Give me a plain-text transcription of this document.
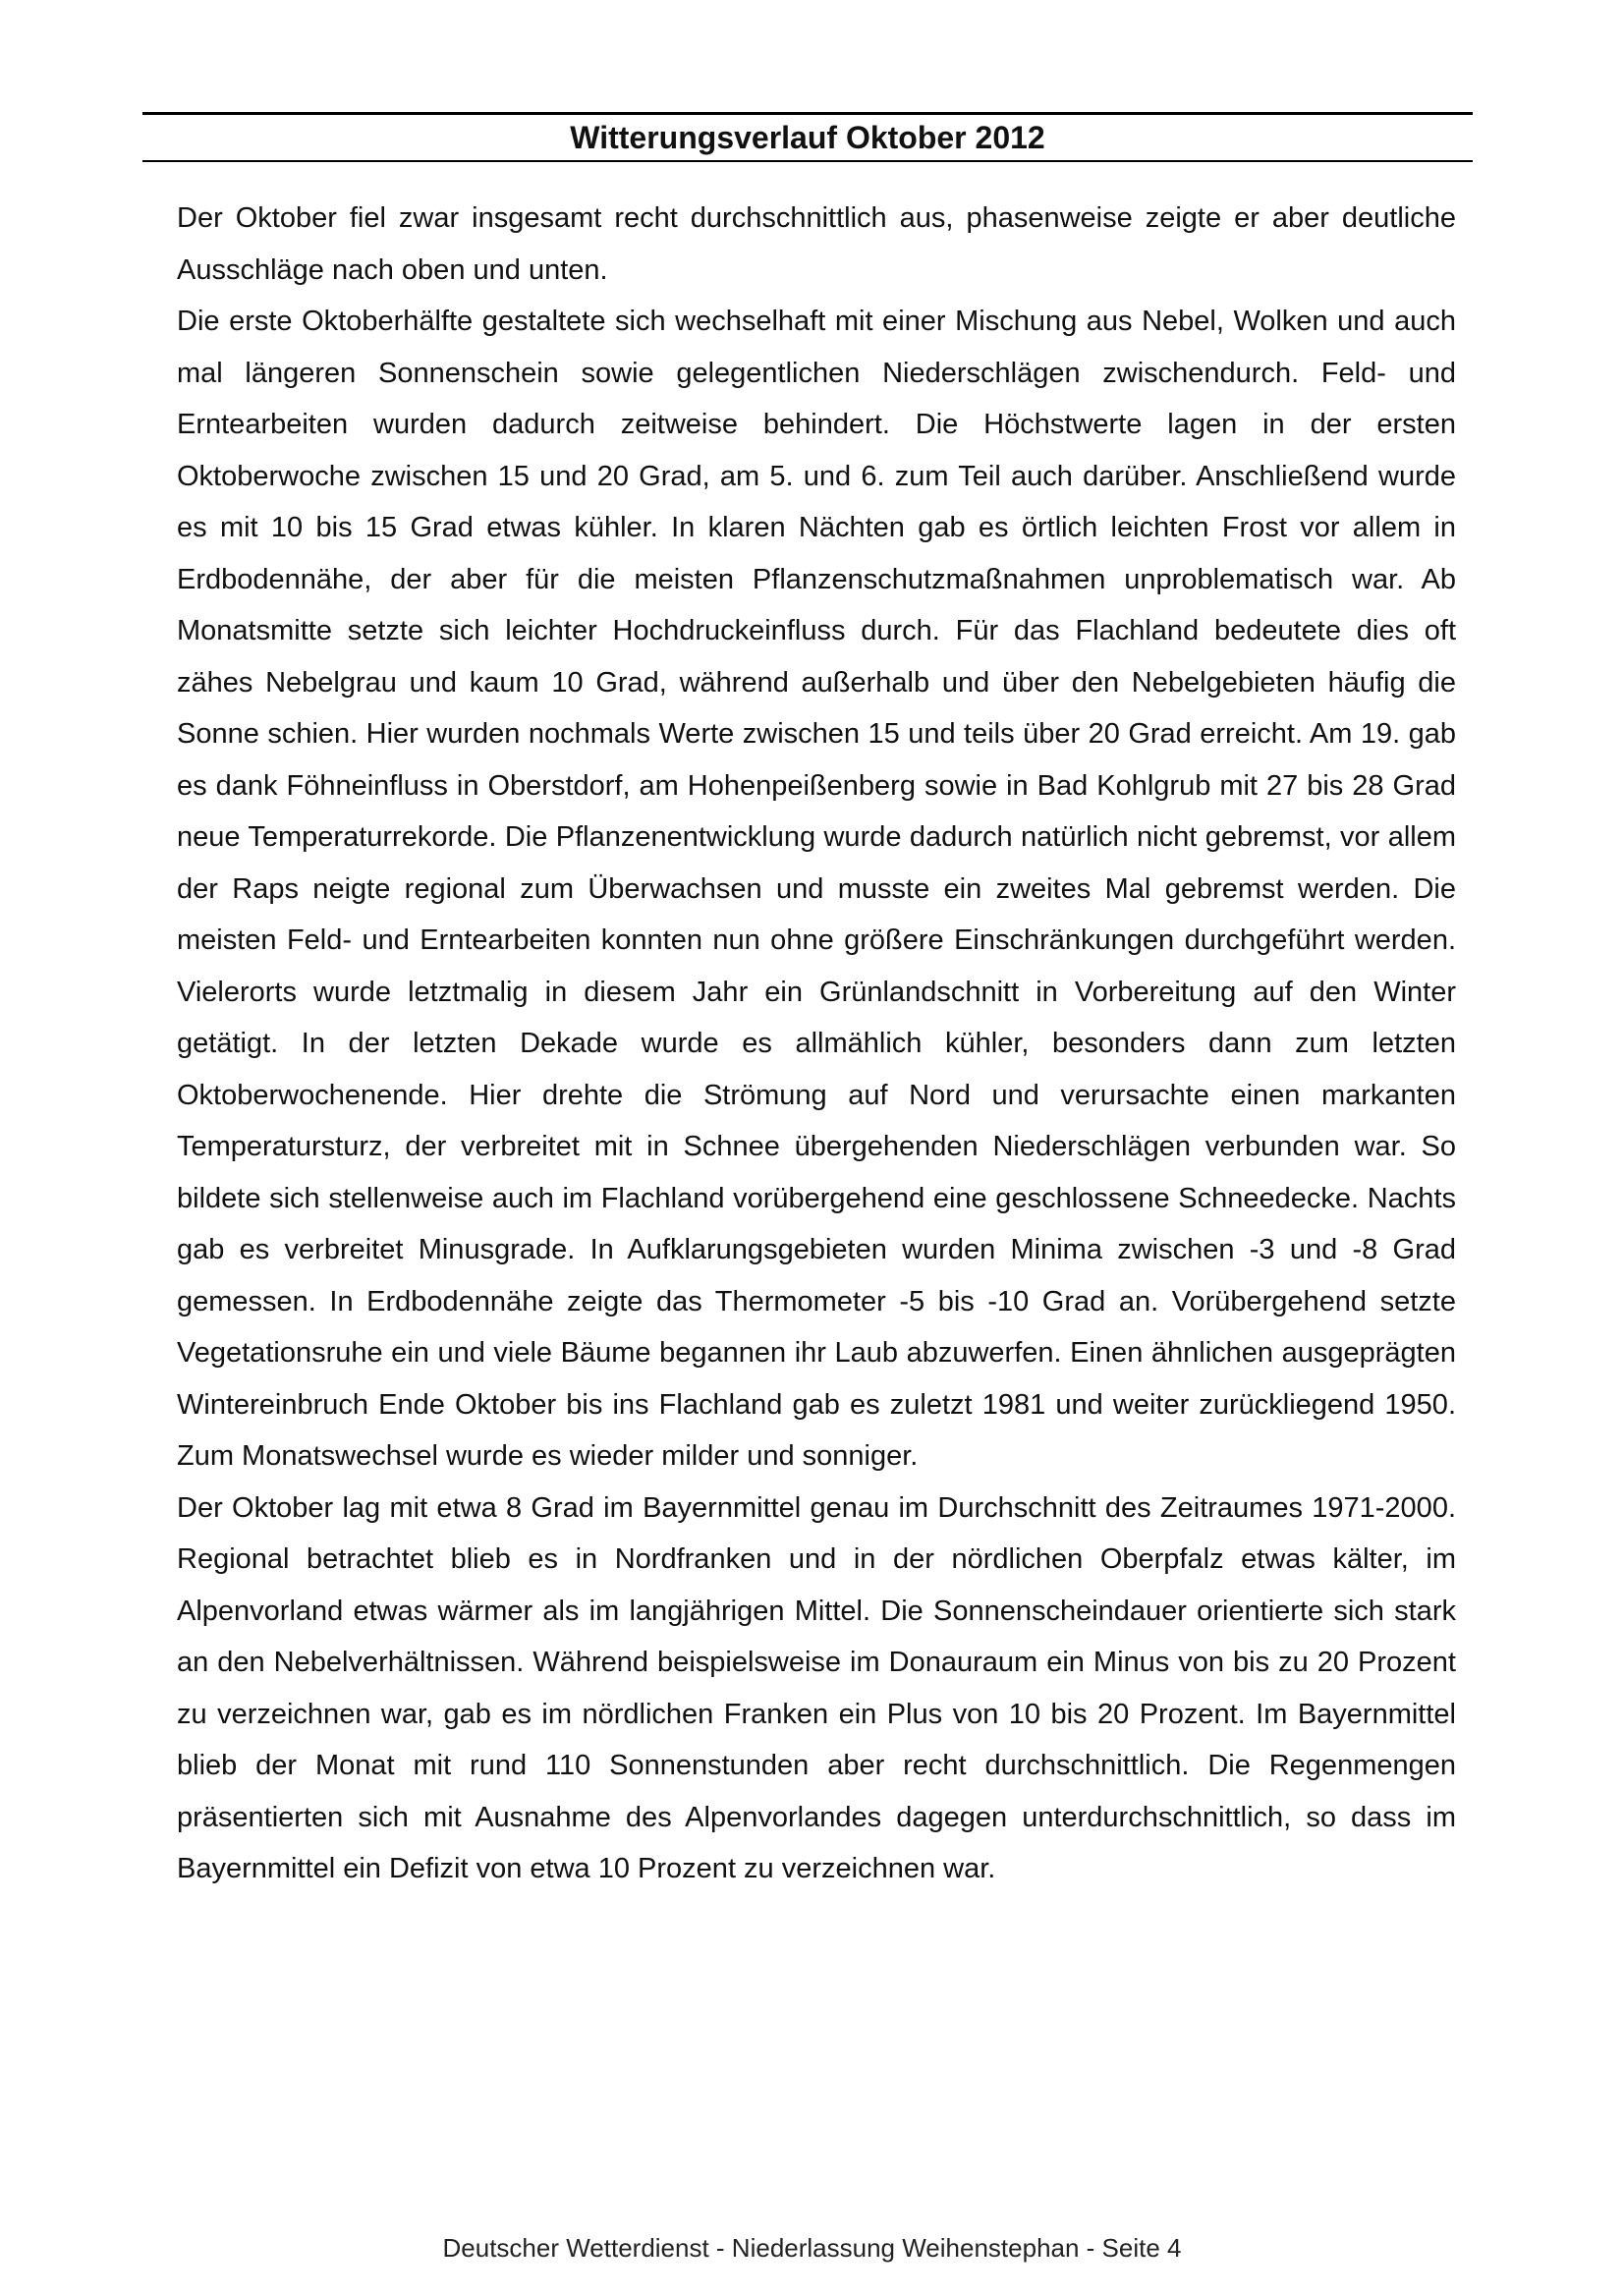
Witterungsverlauf Oktober 2012

Der Oktober fiel zwar insgesamt recht durchschnittlich aus, phasenweise zeigte er aber deutliche Ausschläge nach oben und unten.

Die erste Oktoberhälfte gestaltete sich wechselhaft mit einer Mischung aus Nebel, Wolken und auch mal längeren Sonnenschein sowie gelegentlichen Niederschlägen zwischendurch. Feld- und Erntearbeiten wurden dadurch zeitweise behindert. Die Höchstwerte lagen in der ersten Oktoberwoche zwischen 15 und 20 Grad, am 5. und 6. zum Teil auch darüber. Anschließend wurde es mit 10 bis 15 Grad etwas kühler. In klaren Nächten gab es örtlich leichten Frost vor allem in Erdbodennähe, der aber für die meisten Pflanzenschutzmaßnahmen unproblematisch war. Ab Monatsmitte setzte sich leichter Hochdruckeinfluss durch. Für das Flachland bedeutete dies oft zähes Nebelgrau und kaum 10 Grad, während außerhalb und über den Nebelgebieten häufig die Sonne schien. Hier wurden nochmals Werte zwischen 15 und teils über 20 Grad erreicht. Am 19. gab es dank Föhneinfluss in Oberstdorf, am Hohenpeißenberg sowie in Bad Kohlgrub mit 27 bis 28 Grad neue Temperaturrekorde. Die Pflanzenentwicklung wurde dadurch natürlich nicht gebremst, vor allem der Raps neigte regional zum Überwachsen und musste ein zweites Mal gebremst werden. Die meisten Feld- und Erntearbeiten konnten nun ohne größere Einschränkungen durchgeführt werden. Vielerorts wurde letztmalig in diesem Jahr ein Grünlandschnitt in Vorbereitung auf den Winter getätigt. In der letzten Dekade wurde es allmählich kühler, besonders dann zum letzten Oktoberwochenende. Hier drehte die Strömung auf Nord und verursachte einen markanten Temperatursturz, der verbreitet mit in Schnee übergehenden Niederschlägen verbunden war. So bildete sich stellenweise auch im Flachland vorübergehend eine geschlossene Schneedecke. Nachts gab es verbreitet Minusgrade. In Aufklarungsgebieten wurden Minima zwischen -3 und -8 Grad gemessen. In Erdbodennähe zeigte das Thermometer -5 bis -10 Grad an. Vorübergehend setzte Vegetationsruhe ein und viele Bäume begannen ihr Laub abzuwerfen. Einen ähnlichen ausgeprägten Wintereinbruch Ende Oktober bis ins Flachland gab es zuletzt 1981 und weiter zurückliegend 1950. Zum Monatswechsel wurde es wieder milder und sonniger.

Der Oktober lag mit etwa 8 Grad im Bayernmittel genau im Durchschnitt des Zeitraumes 1971-2000. Regional betrachtet blieb es in Nordfranken und in der nördlichen Oberpfalz etwas kälter, im Alpenvorland etwas wärmer als im langjährigen Mittel. Die Sonnenscheindauer orientierte sich stark an den Nebelverhältnissen. Während beispielsweise im Donauraum ein Minus von bis zu 20 Prozent zu verzeichnen war, gab es im nördlichen Franken ein Plus von 10 bis 20 Prozent. Im Bayernmittel blieb der Monat mit rund 110 Sonnenstunden aber recht durchschnittlich. Die Regenmengen präsentierten sich mit Ausnahme des Alpenvorlandes dagegen unterdurchschnittlich, so dass im Bayernmittel ein Defizit von etwa 10 Prozent zu verzeichnen war.

Deutscher Wetterdienst - Niederlassung Weihenstephan - Seite 4
